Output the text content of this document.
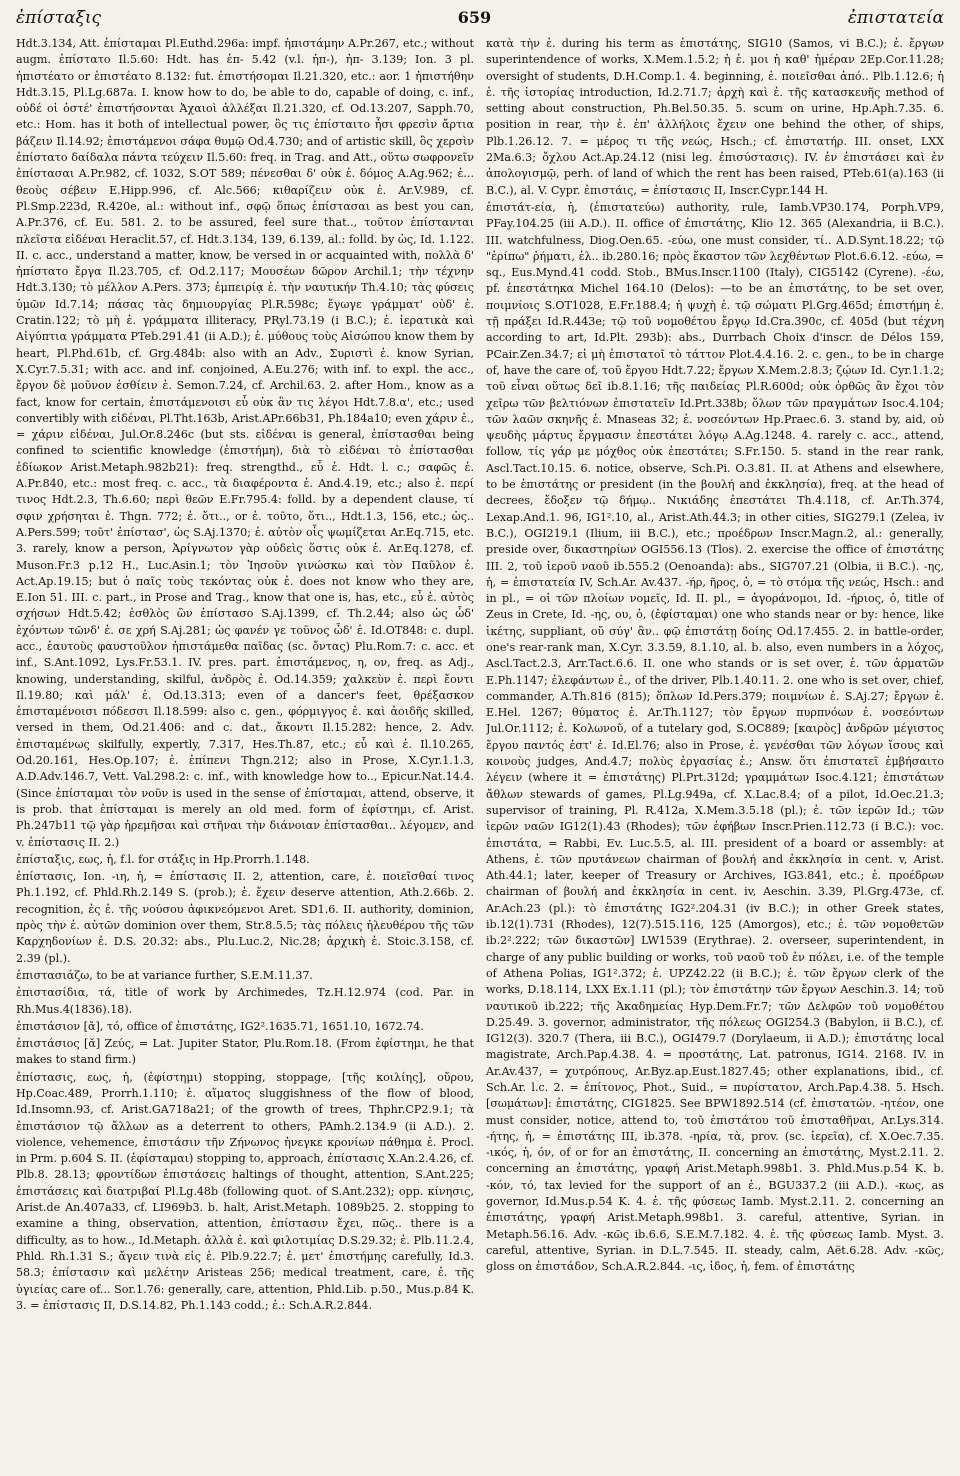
ἐπίσταξις	659	ἐπιστατεία

Hdt.3.134, Att. ἐπίσταμαι Pl.Euthd.296a: impf. ἠπιστάμην A.Pr.267, etc.; without augm. ἐπίστατο Il.5.60: Hdt. has ἐπ- 5.42 (v.l. ἠπ-), ἠπ- 3.139; Ion. 3 pl. ἠπιστέατο or ἐπιστέατο 8.132: fut. ἐπιστήσομαι Il.21.320, etc.: aor. 1 ἠπιστήθην Hdt.3.15, Pl.Lg.687a. I. know how to do, be able to do, capable of doing, c. inf., οὐδέ οἱ ὀστέ' ἐπιστήσονται Ἀχαιοὶ ἀλλέξαι Il.21.320, cf. Od.13.207, Sapph.70, etc.: Hom. has it both of intellectual power, ὃς τις ἐπίσταιτο ἧσι φρεσὶν ἄρτια βάζειν Il.14.92; ἐπιστάμενοι σάφα θυμῷ Od.4.730; and of artistic skill, ὃς χερσὶν ἐπίστατο δαίδαλα πάντα τεύχειν Il.5.60: freq. in Trag. and Att., οὕτω σωφρονεῖν ἐπίστασαι A.Pr.982, cf. 1032, S.OT 589; πένεσθαι δ' οὐκ ἐ. δόμος A.Ag.962; ἐ... θεοὺς σέβειν E.Hipp.996, cf. Alc.566; κιθαρίζειν οὐκ ἐ. Ar.V.989, cf. Pl.Smp.223d, R.420e, al.: without inf., σφῷ ὅπως ἐπίστασαι as best you can, A.Pr.376, cf. Eu. 581. 2. to be assured, feel sure that.., τοῦτον ἐπίστανται πλεῖστα εἰδέναι Heraclit.57, cf. Hdt.3.134, 139, 6.139, al.: folld. by ὡς, Id. 1.122. II. c. acc., understand a matter, know, be versed in or acquainted with, πολλὰ δ' ἠπίστατο ἔργα Il.23.705, cf. Od.2.117; Μουσέων δῶρον Archil.1; τὴν τέχνην Hdt.3.130; τὸ μέλλον A.Pers. 373; ἐμπειρίᾳ ἐ. τὴν ναυτικήν Th.4.10; τὰς φύσεις ὑμῶν Id.7.14; πάσας τὰς δημιουργίας Pl.R.598c; ἔγωγε γράμματ' οὐδ' ἐ. Cratin.122; τὸ μὴ ἐ. γράμματα illiteracy, PRyl.73.19 (i B.C.); ἐ. ἱερατικὰ καὶ Αἰγύπτια γράμματα PTeb.291.41 (ii A.D.); ἐ. μύθους τοὺς Αἰσώπου know them by heart, Pl.Phd.61b, cf. Grg.484b: also with an Adv., Συριστὶ ἐ. know Syrian, X.Cyr.7.5.31; with acc. and inf. conjoined, A.Eu.276; with inf. to expl. the acc., ἔργον δὲ μοῦνον ἐσθίειν ἐ. Semon.7.24, cf. Archil.63. 2. after Hom., know as a fact, know for certain, ἐπιστάμενοισι εὖ οὐκ ἂν τις λέγοι Hdt.7.8.α', etc.; used convertibly with εἰδέναι, Pl.Tht.163b, Arist.APr.66b31, Ph.184a10; even χάριν ἐ., = χάριν εἰδέναι, Jul.Or.8.246c (but sts. εἰδέναι is general, ἐπίστασθαι being confined to scientific knowledge (ἐπιστήμη), διὰ τὸ εἰδέναι τὸ ἐπίστασθαι ἐδίωκον Arist.Metaph.982b21): freq. strengthd., εὖ ἐ. Hdt. l. c.; σαφῶς ἐ. A.Pr.840, etc.: most freq. c. acc., τὰ διαφέροντα ἐ. And.4.19, etc.; also ἐ. περί τινος Hdt.2.3, Th.6.60; περὶ θεῶν E.Fr.795.4: folld. by a dependent clause, τί σφιν χρήσηται ἐ. Thgn. 772; ἐ. ὅτι.., or ἐ. τοῦτο, ὅτι.., Hdt.1.3, 156, etc.; ὡς.. A.Pers.599; τοῦτ' ἐπίστασ', ὡς S.Aj.1370; ἐ. αὐτὸν οἷς ψωμίζεται Ar.Eq.715, etc. 3. rarely, know a person, Ἀρίγνωτον γὰρ οὐδεὶς ὅστις οὐκ ἐ. Ar.Eq.1278, cf. Muson.Fr.3 p.12 H., Luc.Asin.1; τὸν Ἰησοῦν γινώσκω καὶ τὸν Παῦλον ἐ. Act.Ap.19.15; but ὁ παῖς τοὺς τεκόντας οὐκ ἐ. does not know who they are, E.Ion 51. III. c. part., in Prose and Trag., know that one is, has, etc., εὖ ἐ. αὐτὸς σχήσων Hdt.5.42; ἐσθλὸς ὢν ἐπίστασο S.Aj.1399, cf. Th.2.44; also ὡς ὧδ' ἐχόντων τῶνδ' ἐ. σε χρή S.Aj.281; ὡς φανέν γε τοῦνος ὧδ' ἐ. Id.OT848: c. dupl. acc., ἑαυτοὺς φαυστοῦλον ἠπιστάμεθα παῖδας (sc. ὄντας) Plu.Rom.7: c. acc. et inf., S.Ant.1092, Lys.Fr.53.1. IV. pres. part. ἐπιστάμενος, η, ον, freq. as Adj., knowing, understanding, skilful, ἀνδρὸς ἐ. Od.14.359; χαλκεὺν ἐ. περὶ ἔοντι Il.19.80; καὶ μάλ' ἐ. Od.13.313; even of a dancer's feet, θρέξασκον ἐπισταμένοισι πόδεσσι Il.18.599: also c. gen., φόρμιγγος ἐ. καὶ ἀοιδῆς skilled, versed in them, Od.21.406: and c. dat., ἄκοντι Il.15.282: hence, 2. Adv. ἐπισταμένως skilfully, expertly, 7.317, Hes.Th.87, etc.; εὖ καὶ ἐ. Il.10.265, Od.20.161, Hes.Op.107; ἐ. ἐπίπενι Thgn.212; also in Prose, X.Cyr.1.1.3, A.D.Adv.146.7, Vett. Val.298.2: c. inf., with knowledge how to.., Epicur.Nat.14.4. (Since ἐπίσταμαι τὸν νοῦν is used in the sense of ἐπίσταμαι, attend, observe, it is prob. that ἐπίσταμαι is merely an old med. form of ἐφίστημι, cf. Arist. Ph.247b11 τῷ γὰρ ἠρεμῆσαι καὶ στῆναι τὴν διάνοιαν ἐπίστασθαι.. λέγομεν, and v. ἐπίστασις II. 2.)

ἐπίσταξις, εως, ἡ, f.l. for στάξις in Hp.Prorrh.1.148.

ἐπίστασις, Ion. -ιη, ἡ, = ἐπίστασις II. 2, attention, care, ἐ. ποιεῖσθαί τινος Ph.1.192, cf. Phld.Rh.2.149 S. (prob.); ἐ. ἔχειν deserve attention, Ath.2.66b. 2. recognition, ἐς ἐ. τῆς νούσου ἀφικνεόμενοι Aret. SD1.6. II. authority, dominion, πρὸς τὴν ἐ. αὐτῶν dominion over them, Str.8.5.5; τὰς πόλεις ἠλευθέρου τῆς τῶν Καρχηδονίων ἐ. D.S. 20.32: abs., Plu.Luc.2, Nic.28; ἀρχικὴ ἐ. Stoic.3.158, cf. 2.39 (pl.).

ἐπιστασιάζω, to be at variance further, S.E.M.11.37.

ἐπιστασίδια, τά, title of work by Archimedes, Tz.H.12.974 (cod. Par. in Rh.Mus.4(1836).18).

ἐπιστάσιον [ᾰ], τό, office of ἐπιστάτης, IG2².1635.71, 1651.10, 1672.74.

ἐπιστάσιος [ᾰ] Ζεύς, = Lat. Jupiter Stator, Plu.Rom.18. (From ἐφίστημι, he that makes to stand firm.)

ἐπίστασις, εως, ἡ, (ἐφίστημι) stopping, stoppage, [τῆς κοιλίης], οὔρου, Hp.Coac.489, Prorrh.1.110; ἐ. αἵματος sluggishness of the flow of blood, Id.Insomn.93, cf. Arist.GA718a21; of the growth of trees, Thphr.CP2.9.1; τὰ ἐπιστάσιον τῷ ἄλλων as a deterrent to others, PAmh.2.134.9 (ii A.D.). 2. violence, vehemence, ἐπιστάσιν τῆν Ζήνωνος ἠνεγκε κρονίων πάθημα ἐ. Procl. in Prm. p.604 S. II. (ἐφίσταμαι) stopping to, approach, ἐπίστασις X.An.2.4.26, cf. Plb.8. 28.13; φροντίδων ἐπιστάσεις haltings of thought, attention, S.Ant.225; ἐπιστάσεις καὶ διατριβαί Pl.Lg.48b (following quot. of S.Ant.232); opp. κίνησις, Arist.de An.407a33, cf. LI969b3. b. halt, Arist.Metaph. 1089b25. 2. stopping to examine a thing, observation, attention, ἐπίστασιν ἔχει, πῶς.. there is a difficulty, as to how.., Id.Metaph. ἀλλὰ ἐ. καὶ φιλοτιμίας D.S.29.32; ἐ. Plb.11.2.4, Phld. Rh.1.31 S.; ἄγειν τινὰ εἰς ἐ. Plb.9.22.7; ἐ. μετ' ἐπιστήμης carefully, Id.3. 58.3; ἐπίστασιν καὶ μελέτην Aristeas 256; medical treatment, care, ἐ. τῆς ὑγιείας care of... Sor.1.76: generally, care, attention, Phld.Lib. p.50., Mus.p.84 K. 3. = ἐπίστασις II, D.S.14.82, Ph.1.143 codd.; ἐ.: Sch.A.R.2.844.

κατὰ τὴν ἐ. during his term as ἐπιστάτης, SIG10 (Samos, vi B.C.); ἐ. ἔργων superintendence of works, X.Mem.1.5.2; ἡ ἐ. μοι ἡ καθ' ἡμέραν 2Ep.Cor.11.28; oversight of students, D.H.Comp.1. 4. beginning, ἐ. ποιεῖσθαι ἀπό.. Plb.1.12.6; ἡ ἐ. τῆς ἱστορίας introduction, Id.2.71.7; ἀρχὴ καὶ ἐ. τῆς κατασκευῆς method of setting about construction, Ph.Bel.50.35. 5. scum on urine, Hp.Aph.7.35. 6. position in rear, τὴν ἐ. ἐπ' ἀλλήλοις ἔχειν one behind the other, of ships, Plb.1.26.12. 7. = μέρος τι τῆς νεώς, Hsch.; cf. ἐπιστατήρ. III. onset, LXX 2Ma.6.3; ὄχλου Act.Ap.24.12 (nisi leg. ἐπισύστασις). IV. ἐν ἐπιστάσει καὶ ἐν ἀπολογισμῷ, perh. of land of which the rent has been raised, PTeb.61(a).163 (ii B.C.), al. V. Cypr. ἐπιστάις, = ἐπίστασις II, Inscr.Cypr.144 H.

ἐπιστάτ-εία, ἡ, (ἐπιστατεύω) authority, rule, Iamb.VP30.174, Porph.VP9, PFay.104.25 (iii A.D.). II. office of ἐπιστάτης, Klio 12. 365 (Alexandria, ii B.C.). III. watchfulness, Diog.Oen.65. -εύω, one must consider, τί.. A.D.Synt.18.22; τῷ "ἐρίπω" ῥήματι, ἐλ.. ib.280.16; πρὸς ἕκαστον τῶν λεχθέντων Plot.6.6.12. -εύω, = sq., Eus.Mynd.41 codd. Stob., BMus.Inscr.1100 (Italy), CIG5142 (Cyrene). -έω, pf. ἐπεστάτηκα Michel 164.10 (Delos): —to be an ἐπιστάτης, to be set over, ποιμνίοις S.OT1028, E.Fr.188.4; ἡ ψυχὴ ἐ. τῷ σώματι Pl.Grg.465d; ἐπιστήμη ἐ. τῇ πράξει Id.R.443e; τῷ τοῦ νομοθέτου ἔργῳ Id.Cra.390c, cf. 405d (but τέχνη according to art, Id.Plt. 293b): abs., Durrbach Choix d'inscr. de Délos 159, PCair.Zen.34.7; εἰ μὴ ἐπιστατοῖ τὸ τάττον Plot.4.4.16. 2. c. gen., to be in charge of, have the care of, τοῦ ἔργου Hdt.7.22; ἔργων X.Mem.2.8.3; ζῴων Id. Cyr.1.1.2; τοῦ εἶναι οὕτως δεῖ ib.8.1.16; τῆς παιδείας Pl.R.600d; οὐκ ὀρθῶς ἂν ἔχοι τὸν χεῖρω τῶν βελτιόνων ἐπιστατεῖν Id.Prt.338b; ὅλων τῶν πραγμάτων Isoc.4.104; τῶν λαῶν σκηνῆς ἐ. Mnaseas 32; ἐ. νοσεόντων Hp.Praec.6. 3. stand by, aid, οὐ ψευδὴς μάρτυς ἔργμασιν ἐπεστάτει λόγῳ A.Ag.1248. 4. rarely c. acc., attend, follow, τίς γάρ με μόχθος οὐκ ἐπεστάτει; S.Fr.150. 5. stand in the rear rank, Ascl.Tact.10.15. 6. notice, observe, Sch.Pi. O.3.81. II. at Athens and elsewhere, to be ἐπιστάτης or president (in the βουλή and ἐκκλησία), freq. at the head of decrees, ἔδοξεν τῷ δήμῳ.. Νικιάδης ἐπεστάτει Th.4.118, cf. Ar.Th.374, Lexap.And.1. 96, IG1².10, al., Arist.Ath.44.3; in other cities, SIG279.1 (Zelea, iv B.C.), OGI219.1 (Ilium, iii B.C.), etc.; προέδρων Inscr.Magn.2, al.: generally, preside over, δικαστηρίων OGI556.13 (Tlos). 2. exercise the office of ἐπιστάτης III. 2, τοῦ ἱεροῦ ναοῦ ib.555.2 (Oenoanda): abs., SIG707.21 (Olbia, ii B.C.). -ης, ἡ, = ἐπιστατεία IV, Sch.Ar. Av.437. -ήρ, ῆρος, ὁ, = τὸ στόμα τῆς νεώς, Hsch.: and in pl., = οἱ τῶν πλοίων νομεῖς, Id. II. pl., = ἀγοράνομοι, Id. -ήριος, ὁ, title of Zeus in Crete, Id. -ης, ου, ὁ, (ἐφίσταμαι) one who stands near or by: hence, like ἱκέτης, suppliant, οὔ σύγ' ἂν.. φῷ ἐπιστάτῃ δοίης Od.17.455. 2. in battle-order, one's rear-rank man, X.Cyr. 3.3.59, 8.1.10, al. b. also, even numbers in a λόχος, Ascl.Tact.2.3, Arr.Tact.6.6. II. one who stands or is set over, ἐ. τῶν ἀρματῶν Ε.Ph.1147; ἐλεφάντων ἐ., of the driver, Plb.1.40.11. 2. one who is set over, chief, commander, A.Th.816 (815); ὅπλων Id.Pers.379; ποιμνίων ἐ. S.Aj.27; ἔργων ἐ. E.Hel. 1267; θύματος ἐ. Ar.Th.1127; τὸν ἔργων πυρπνόων ἐ. νοσεόντων Jul.Or.1112; ἐ. Κολωνοῦ, of a tutelary god, S.OC889; [καιρὸς] ἀνδρῶν μέγιστος ἔργου παντός ἐστ' ἐ. Id.El.76; also in Prose, ἐ. γενέσθαι τῶν λόγων ἴσους καὶ κοινοὺς judges, And.4.7; πολὺς ἐργασίας ἐ.; Answ. ὅτι ἐπιστατεῖ ἐμβήσαιτο λέγειν (where it = ἐπιστάτης) Pl.Prt.312d; γραμμάτων Isoc.4.121; ἐπιστάτων ἄθλων stewards of games, Pl.Lg.949a, cf. X.Lac.8.4; of a pilot, Id.Oec.21.3; supervisor of training, Pl. R.412a, X.Mem.3.5.18 (pl.); ἐ. τῶν ἱερῶν Id.; τῶν ἱερῶν ναῶν IG12(1).43 (Rhodes); τῶν ἐφήβων Inscr.Prien.112.73 (i B.C.): voc. ἐπιστάτα, = Rabbi, Ev. Luc.5.5, al. III. president of a board or assembly: at Athens, ἐ. τῶν πρυτάνεων chairman of βουλή and ἐκκλησία in cent. v, Arist. Ath.44.1; later, keeper of Treasury or Archives, IG3.841, etc.; ἐ. προέδρων chairman of βουλή and ἐκκλησία in cent. iv, Aeschin. 3.39, Pl.Grg.473e, cf. Ar.Ach.23 (pl.): τὸ ἐπιστάτης IG2².204.31 (iv B.C.); in other Greek states, ib.12(1).731 (Rhodes), 12(7).515.116, 125 (Amorgos), etc.; ἐ. τῶν νομοθετῶν ib.2².222; τῶν δικαστῶν] LW1539 (Erythrae). 2. overseer, superintendent, in charge of any public building or works, τοῦ ναοῦ τοῦ ἐν πόλει, i.e. of the temple of Athena Polias, IG1².372; ἐ. UPZ42.22 (ii B.C.); ἐ. τῶν ἔργων clerk of the works, D.18.114, LXX Ex.1.11 (pl.); τὸν ἐπιστάτην τῶν ἔργων Aeschin.3. 14; τοῦ ναυτικοῦ ib.222; τῆς Ἀκαδημείας Hyp.Dem.Fr.7; τῶν Δελφῶν τοῦ νομοθέτου D.25.49. 3. governor, administrator, τῆς πόλεως OGI254.3 (Babylon, ii B.C.), cf. IG12(3). 320.7 (Thera, iii B.C.), OGI479.7 (Dorylaeum, ii A.D.); ἐπιστάτης local magistrate, Arch.Pap.4.38. 4. = προστάτης, Lat. patronus, IG14. 2168. IV. in Ar.Av.437, = χυτρόπους, Ar.Byz.ap.Eust.1827.45; other explanations, ibid., cf. Sch.Ar. l.c. 2. = ἐπίτονος, Phot., Suid., = πυρίστατον, Arch.Pap.4.38. 5. Hsch. [σωμάτων]: ἐπιστάτης, CIG1825. See BPW1892.514 (cf. ἐπιστατών. -ητέον, one must consider, notice, attend to, τοῦ ἐπιστάτου τοῦ ἐπισταθῆναι, Ar.Lys.314. -ήτης, ἡ, = ἐπιστάτης III, ib.378. -ηρία, τὰ, prov. (sc. ἱερεῖα), cf. X.Oec.7.35. -ικός, ἡ, όν, of or for an ἐπιστάτης, II. concerning an ἐπιστάτης, Myst.2.11. 2. concerning an ἐπιστάτης, γραφή Arist.Metaph.998b1. 3. Phld.Mus.p.54 K. b. -κόν, τό, tax levied for the support of an ἐ., BGU337.2 (iii A.D.). -κως, as governor, Id.Mus.p.54 K. 4. ἐ. τῆς φύσεως Iamb. Myst.2.11. 2. concerning an ἐπιστάτης, γραφή Arist.Metaph.998b1. 3. careful, attentive, Syrian. in Metaph.56.16. Adv. -κῶς ib.6.6, S.E.M.7.182. 4. ἐ. τῆς φύσεως Iamb. Myst. 3. careful, attentive, Syrian. in D.L.7.545. II. steady, calm, Aët.6.28. Adv. -κῶς, gloss on ἐπιστάδον, Sch.A.R.2.844. -ις, ἰδος, ἡ, fem. of ἐπιστάτης
